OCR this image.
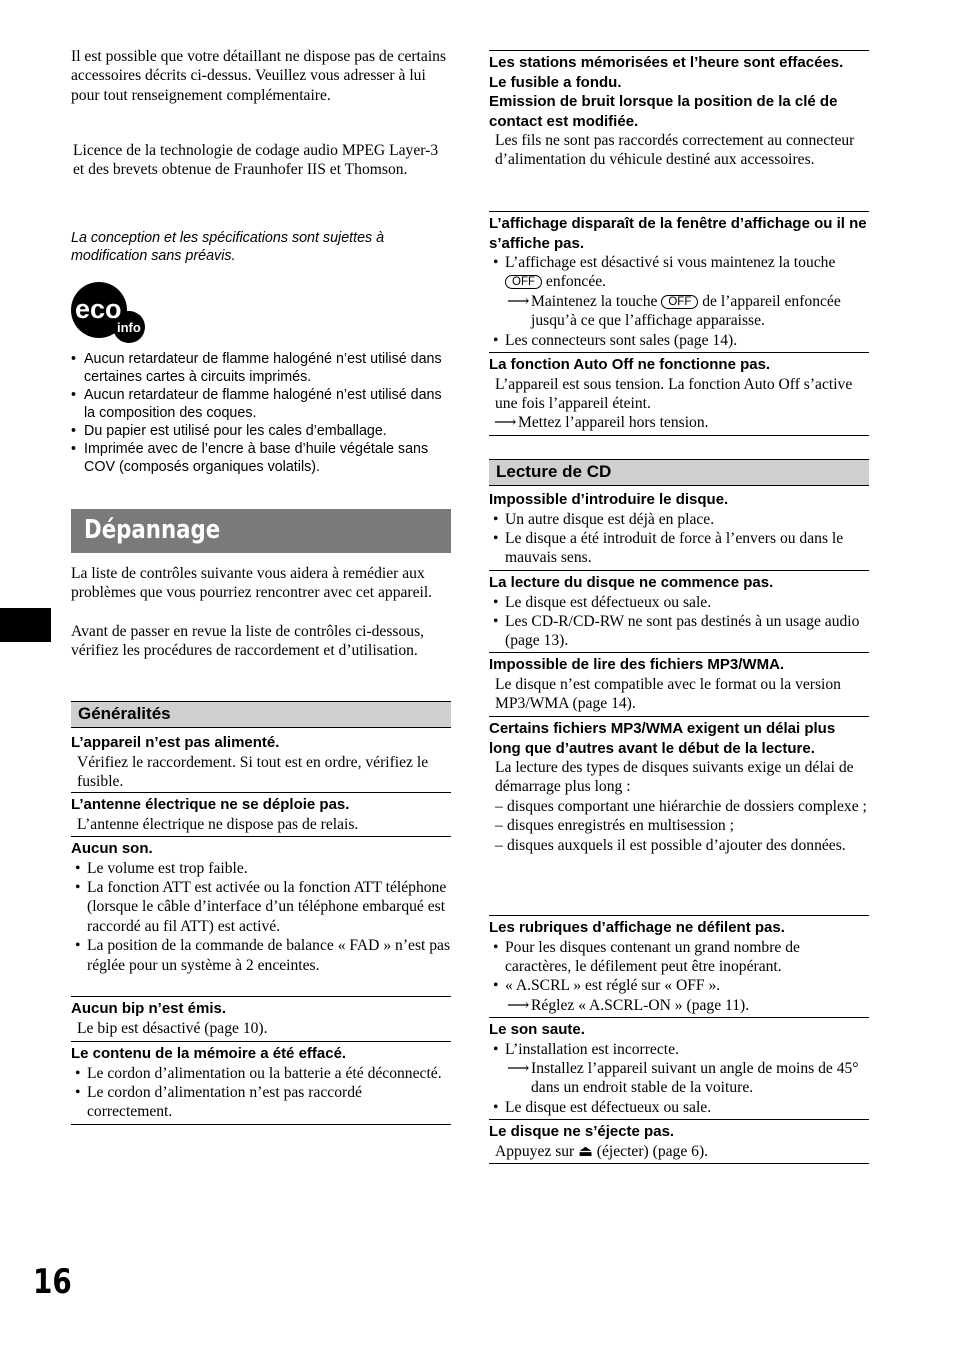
Il est possible que votre détaillant ne dispose pas de certains accessoires décrits ci-dessus. Veuillez vous adresser à lui pour tout renseignement complémentaire.
Licence de la technologie de codage audio MPEG Layer-3 et des brevets obtenue de Fraunhofer IIS et Thomson.
La conception et les spécifications sont sujettes à modification sans préavis.
eco
info
• Aucun retardateur de flamme halogéné n’est utilisé dans certaines cartes à circuits imprimés.
• Aucun retardateur de flamme halogéné n’est utilisé dans la composition des coques.
• Du papier est utilisé pour les cales d’emballage.
• Imprimée avec de l’encre à base d’huile végétale sans COV (composés organiques volatils).
Dépannage
La liste de contrôles suivante vous aidera à remédier aux problèmes que vous pourriez rencontrer avec cet appareil.
Avant de passer en revue la liste de contrôles ci-dessous, vérifiez les procédures de raccordement et d’utilisation.
Généralités
L’appareil n’est pas alimenté.
Vérifiez le raccordement. Si tout est en ordre, vérifiez le fusible.
L’antenne électrique ne se déploie pas.
L’antenne électrique ne dispose pas de relais.
Aucun son.
• Le volume est trop faible.
• La fonction ATT est activée ou la fonction ATT téléphone (lorsque le câble d’interface d’un téléphone embarqué est raccordé au fil ATT) est activé.
• La position de la commande de balance « FAD » n’est pas réglée pour un système à 2 enceintes.
Aucun bip n’est émis.
Le bip est désactivé (page 10).
Le contenu de la mémoire a été effacé.
• Le cordon d’alimentation ou la batterie a été déconnecté.
• Le cordon d’alimentation n’est pas raccordé correctement.
Les stations mémorisées et l’heure sont effacées.
Le fusible a fondu.
Emission de bruit lorsque la position de la clé de contact est modifiée.
Les fils ne sont pas raccordés correctement au connecteur d’alimentation du véhicule destiné aux accessoires.
L’affichage disparaît de la fenêtre d’affichage ou il ne s’affiche pas.
• L’affichage est désactivé si vous maintenez la touche OFF enfoncée.
⟶ Maintenez la touche OFF de l’appareil enfoncée jusqu’à ce que l’affichage apparaisse.
• Les connecteurs sont sales (page 14).
La fonction Auto Off ne fonctionne pas.
L’appareil est sous tension. La fonction Auto Off s’active une fois l’appareil éteint.
⟶ Mettez l’appareil hors tension.
Lecture de CD
Impossible d’introduire le disque.
• Un autre disque est déjà en place.
• Le disque a été introduit de force à l’envers ou dans le mauvais sens.
La lecture du disque ne commence pas.
• Le disque est défectueux ou sale.
• Les CD-R/CD-RW ne sont pas destinés à un usage audio (page 13).
Impossible de lire des fichiers MP3/WMA.
Le disque n’est compatible avec le format ou la version MP3/WMA (page 14).
Certains fichiers MP3/WMA exigent un délai plus long que d’autres avant le début de la lecture.
La lecture des types de disques suivants exige un délai de démarrage plus long :
– disques comportant une hiérarchie de dossiers complexe ;
– disques enregistrés en multisession ;
– disques auxquels il est possible d’ajouter des données.
Les rubriques d’affichage ne défilent pas.
• Pour les disques contenant un grand nombre de caractères, le défilement peut être inopérant.
• « A.SCRL » est réglé sur « OFF ».
⟶ Réglez « A.SCRL-ON » (page 11).
Le son saute.
• L’installation est incorrecte.
⟶ Installez l’appareil suivant un angle de moins de 45° dans un endroit stable de la voiture.
• Le disque est défectueux ou sale.
Le disque ne s’éjecte pas.
Appuyez sur ⏏ (éjecter) (page 6).
16
